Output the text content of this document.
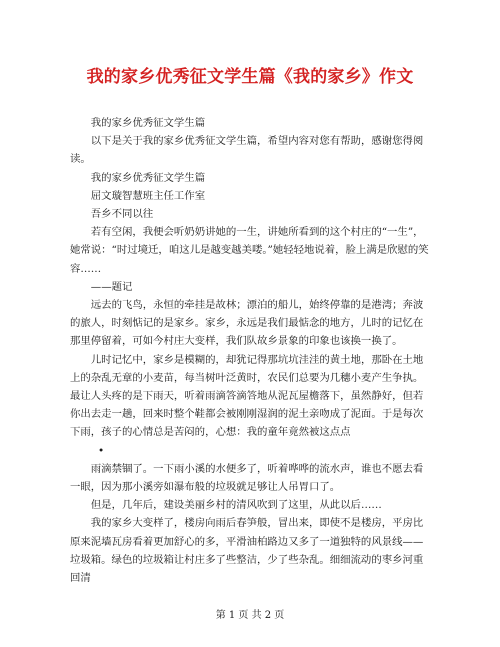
我的家乡优秀征文学生篇《我的家乡》作文

我的家乡优秀征文学生篇

以下是关于我的家乡优秀征文学生篇，希望内容对您有帮助，感谢您得阅读。

我的家乡优秀征文学生篇

屈文璇智慧班主任工作室

吾乡不同以往

若有空闲，我便会听奶奶讲她的一生，讲她所看到的这个村庄的“一生”，她常说：“时过境迁，咱这儿是越变越美喽。”她轻轻地说着，脸上满是欣慰的笑容……

——题记

远去的飞鸟，永恒的牵挂是故林；漂泊的船儿，始终停靠的是港湾；奔波的旅人，时刻惦记的是家乡。家乡，永远是我们最惦念的地方，儿时的记忆在那里停留着，可如今村庄大变样，我们队故乡景象的印象也该换一换了。

儿时记忆中，家乡是模糊的，却犹记得那坑坑洼洼的黄土地，那卧在土地上的杂乱无章的小麦苗，每当树叶泛黄时，农民们总要为几穗小麦产生争执。最让人头疼的是下雨天，听着雨滴答滴答地从泥瓦屋檐落下，虽然静好，但若你出去走一趟，回来时整个鞋都会被刚刚湿润的泥土亲吻成了泥面。于是每次下雨，孩子的心情总是苦闷的，心想：我的童年竟然被这点点

•

雨滴禁锢了。一下雨小溪的水便多了，听着哗哗的流水声，谁也不愿去看一眼，因为那小溪旁如瀑布般的垃圾就足够让人吊胃口了。

但是，几年后，建设美丽乡村的清风吹到了这里，从此以后……

我的家乡大变样了，楼房向雨后春笋般，冒出来，即使不是楼房，平房比原来泥墙瓦房看着更加舒心的多，平滑油柏路边又多了一道独特的风景线——

垃圾箱。绿色的垃圾箱让村庄多了些整洁，少了些杂乱。细细流动的枣乡河重回清

第 1 页 共 2 页
